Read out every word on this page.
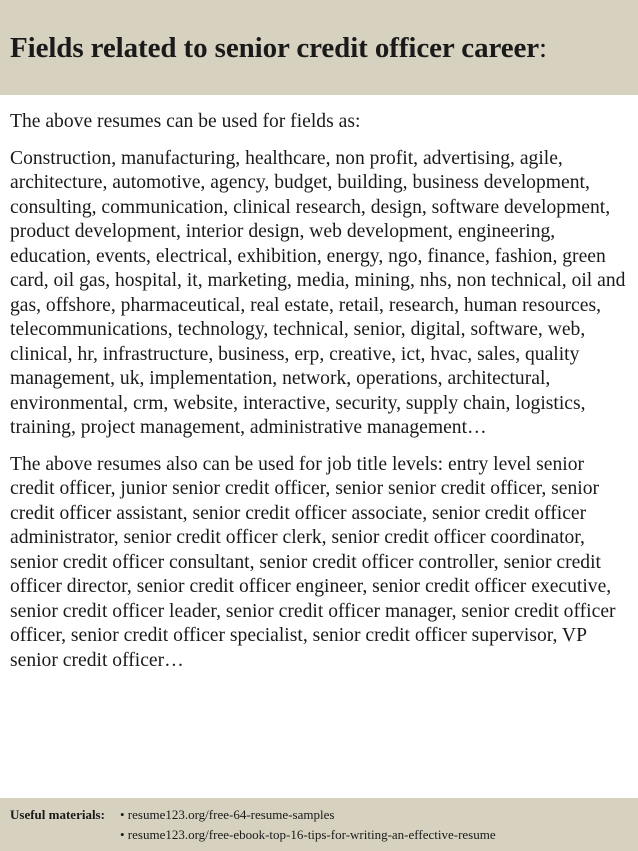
Fields related to senior credit officer career:

The above resumes can be used for fields as:

Construction, manufacturing, healthcare, non profit, advertising, agile, architecture, automotive, agency, budget, building, business development, consulting, communication, clinical research, design, software development, product development, interior design, web development, engineering, education, events, electrical, exhibition, energy, ngo, finance, fashion, green card, oil gas, hospital, it, marketing, media, mining, nhs, non technical, oil and gas, offshore, pharmaceutical, real estate, retail, research, human resources, telecommunications, technology, technical, senior, digital, software, web, clinical, hr, infrastructure, business, erp, creative, ict, hvac, sales, quality management, uk, implementation, network, operations, architectural, environmental, crm, website, interactive, security, supply chain, logistics, training, project management, administrative management…

The above resumes also can be used for job title levels: entry level senior credit officer, junior senior credit officer, senior senior credit officer, senior credit officer assistant, senior credit officer associate, senior credit officer administrator, senior credit officer clerk, senior credit officer coordinator, senior credit officer consultant, senior credit officer controller, senior credit officer director, senior credit officer engineer, senior credit officer executive, senior credit officer leader, senior credit officer manager, senior credit officer officer, senior credit officer specialist, senior credit officer supervisor, VP senior credit officer…

Useful materials: • resume123.org/free-64-resume-samples
• resume123.org/free-ebook-top-16-tips-for-writing-an-effective-resume
